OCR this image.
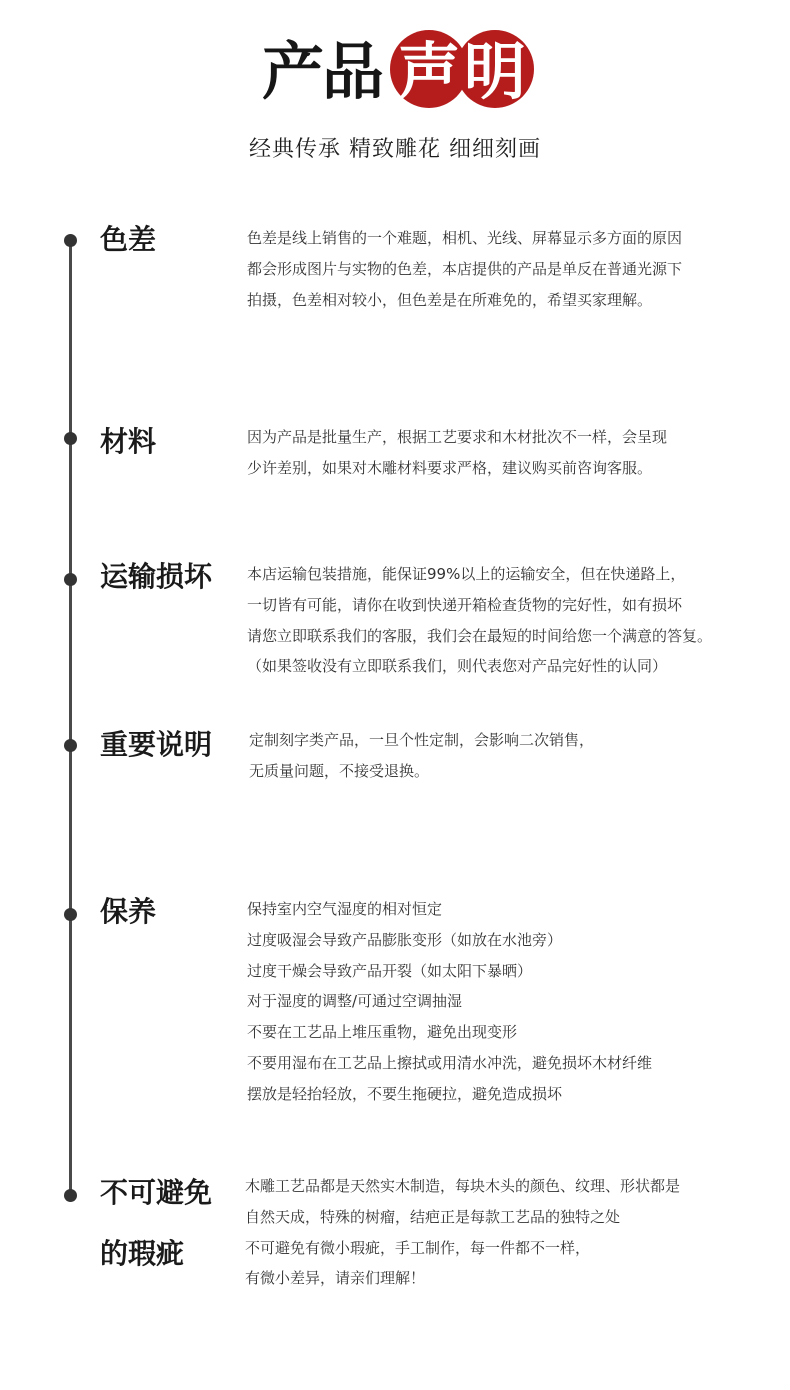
产品 声明
经典传承 精致雕花 细细刻画
色差	色差是线上销售的一个难题，相机、光线、屏幕显示多方面的原因

都会形成图片与实物的色差，本店提供的产品是单反在普通光源下

拍摄，色差相对较小，但色差是在所难免的，希望买家理解。

材料	因为产品是批量生产，根据工艺要求和木材批次不一样，会呈现

少许差别，如果对木雕材料要求严格，建议购买前咨询客服。

运输损坏 本店运输包装措施，能保证99%以上的运输安全，但在快递路上，

一切皆有可能，请你在收到快递开箱检查货物的完好性，如有损坏

请您立即联系我们的客服，我们会在最短的时间给您一个满意的答复。

（如果签收没有立即联系我们，则代表您对产品完好性的认同）

重要说明 定制刻字类产品，一旦个性定制，会影响二次销售，

无质量问题，不接受退换。

保养	保持室内空气湿度的相对恒定

过度吸湿会导致产品膨胀变形（如放在水池旁）

过度干燥会导致产品开裂（如太阳下暴晒）

对于湿度的调整/可通过空调抽湿

不要在工艺品上堆压重物，避免出现变形

不要用湿布在工艺品上擦拭或用清水冲洗，避免损坏木材纤维

摆放是轻抬轻放，不要生拖硬拉，避免造成损坏

不可避免
的瑕疵

木雕工艺品都是天然实木制造，每块木头的颜色、纹理、形状都是

自然天成，特殊的树瘤，结疤正是每款工艺品的独特之处

不可避免有微小瑕疵，手工制作，每一件都不一样，

有微小差异，请亲们理解！
